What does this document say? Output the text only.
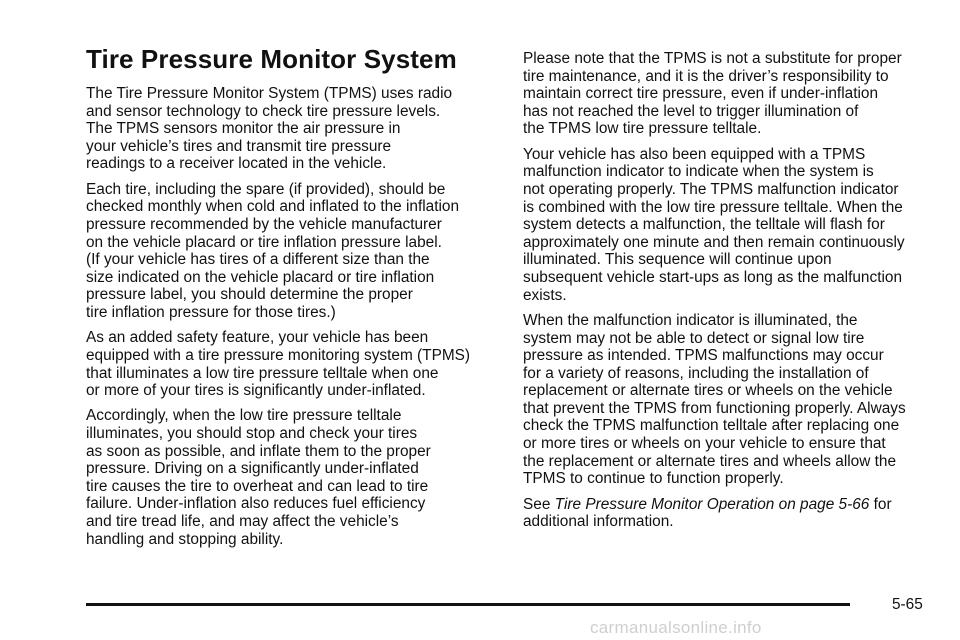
Tire Pressure Monitor System

The Tire Pressure Monitor System (TPMS) uses radio
and sensor technology to check tire pressure levels.
The TPMS sensors monitor the air pressure in
your vehicle’s tires and transmit tire pressure
readings to a receiver located in the vehicle.

Each tire, including the spare (if provided), should be
checked monthly when cold and inflated to the inflation
pressure recommended by the vehicle manufacturer
on the vehicle placard or tire inflation pressure label.
(If your vehicle has tires of a different size than the
size indicated on the vehicle placard or tire inflation
pressure label, you should determine the proper
tire inflation pressure for those tires.)

As an added safety feature, your vehicle has been
equipped with a tire pressure monitoring system (TPMS)
that illuminates a low tire pressure telltale when one
or more of your tires is significantly under-inflated.

Accordingly, when the low tire pressure telltale
illuminates, you should stop and check your tires
as soon as possible, and inflate them to the proper
pressure. Driving on a significantly under-inflated
tire causes the tire to overheat and can lead to tire
failure. Under-inflation also reduces fuel efficiency
and tire tread life, and may affect the vehicle’s
handling and stopping ability.

Please note that the TPMS is not a substitute for proper
tire maintenance, and it is the driver’s responsibility to
maintain correct tire pressure, even if under-inflation
has not reached the level to trigger illumination of
the TPMS low tire pressure telltale.

Your vehicle has also been equipped with a TPMS
malfunction indicator to indicate when the system is
not operating properly. The TPMS malfunction indicator
is combined with the low tire pressure telltale. When the
system detects a malfunction, the telltale will flash for
approximately one minute and then remain continuously
illuminated. This sequence will continue upon
subsequent vehicle start-ups as long as the malfunction
exists.

When the malfunction indicator is illuminated, the
system may not be able to detect or signal low tire
pressure as intended. TPMS malfunctions may occur
for a variety of reasons, including the installation of
replacement or alternate tires or wheels on the vehicle
that prevent the TPMS from functioning properly. Always
check the TPMS malfunction telltale after replacing one
or more tires or wheels on your vehicle to ensure that
the replacement or alternate tires and wheels allow the
TPMS to continue to function properly.

See Tire Pressure Monitor Operation on page 5-66 for
additional information.

5-65
carmanualsonline.info
